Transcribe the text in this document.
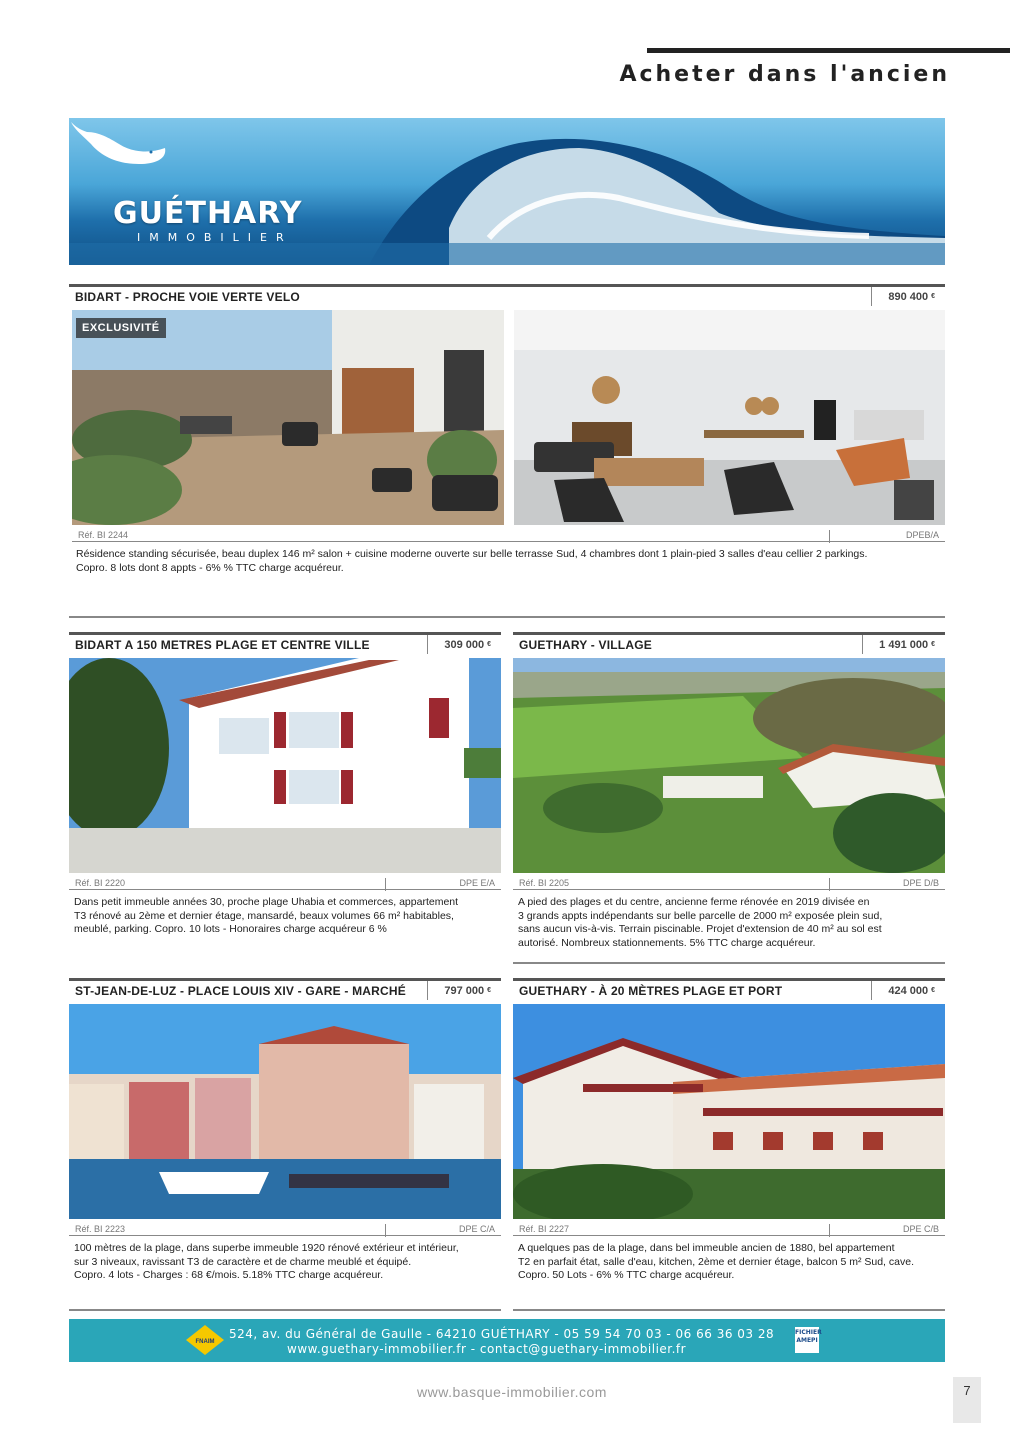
Acheter dans l'ancien
GUÉTHARY
IMMOBILIER
BIDART - PROCHE VOIE VERTE VELO	890 400 €
EXCLUSIVITÉ
Réf. BI 2244	DPEB/A
Résidence standing sécurisée, beau duplex 146 m² salon + cuisine moderne ouverte sur belle terrasse Sud, 4 chambres dont 1 plain-pied 3 salles d'eau cellier 2 parkings.
Copro. 8 lots dont 8 appts - 6% % TTC charge acquéreur.
BIDART A 150 METRES PLAGE ET CENTRE VILLE	309 000 €
Réf. BI 2220	DPE E/A
Dans petit immeuble années 30, proche plage Uhabia et commerces, appartement
T3 rénové au 2ème et dernier étage, mansardé, beaux volumes 66 m² habitables,
meublé, parking. Copro. 10 lots - Honoraires charge acquéreur 6 %
GUETHARY - VILLAGE	1 491 000 €
Réf. BI 2205	DPE D/B
A pied des plages et du centre, ancienne ferme rénovée en 2019 divisée en
3 grands appts indépendants sur belle parcelle de 2000 m² exposée plein sud,
sans aucun vis-à-vis. Terrain piscinable. Projet d'extension de 40 m² au sol est
autorisé. Nombreux stationnements. 5% TTC charge acquéreur.
ST-JEAN-DE-LUZ - PLACE LOUIS XIV - GARE - MARCHÉ	797 000 €
Réf. BI 2223	DPE C/A
100 mètres de la plage, dans superbe immeuble 1920 rénové extérieur et intérieur,
sur 3 niveaux, ravissant T3 de caractère et de charme meublé et équipé.
Copro. 4 lots - Charges : 68 €/mois. 5.18% TTC charge acquéreur.
GUETHARY - À 20 MÈTRES PLAGE ET PORT	424 000 €
Réf. BI 2227	DPE C/B
A quelques pas de la plage, dans bel immeuble ancien de 1880, bel appartement
T2 en parfait état, salle d'eau, kitchen, 2ème et dernier étage, balcon 5 m² Sud, cave.
Copro. 50 Lots - 6% % TTC charge acquéreur.
FNAIM
524, av. du Général de Gaulle - 64210 GUÉTHARY - 05 59 54 70 03 - 06 66 36 03 28
www.guethary-immobilier.fr - contact@guethary-immobilier.fr
FICHIER AMEPI
www.basque-immobilier.com	7
